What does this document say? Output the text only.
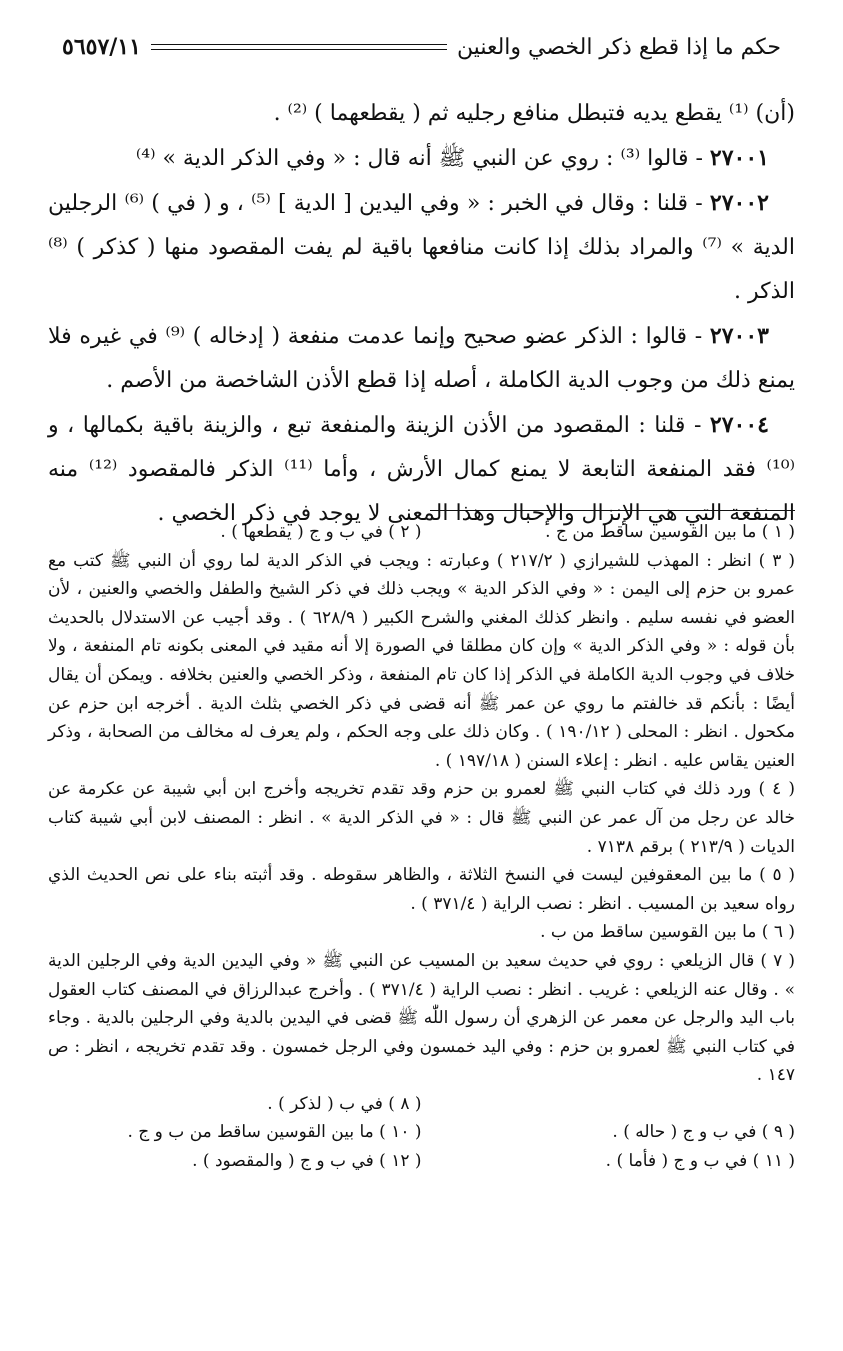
حكم ما إذا قطع ذكر الخصي والعنين
٥٦٥٧/١١

(أن) ⁽¹⁾ يقطع يديه فتبطل منافع رجليه ثم ( يقطعهما ) ⁽²⁾ .

٢٧٠٠١ - قالوا ⁽³⁾ : روي عن النبي ﷺ أنه قال : « وفي الذكر الدية » ⁽⁴⁾

٢٧٠٠٢ - قلنا : وقال في الخبر : « وفي اليدين [ الدية ] ⁽⁵⁾ ، و ( في ) ⁽⁶⁾ الرجلين الدية » ⁽⁷⁾ والمراد بذلك إذا كانت منافعها باقية لم يفت المقصود منها ( كذكر ) ⁽⁸⁾ الذكر .

٢٧٠٠٣ - قالوا : الذكر عضو صحيح وإنما عدمت منفعة ( إدخاله ) ⁽⁹⁾ في غيره فلا يمنع ذلك من وجوب الدية الكاملة ، أصله إذا قطع الأذن الشاخصة من الأصم .

٢٧٠٠٤ - قلنا : المقصود من الأذن الزينة والمنفعة تبع ، والزينة باقية بكمالها ، و ⁽¹⁰⁾ فقد المنفعة التابعة لا يمنع كمال الأرش ، وأما ⁽¹¹⁾ الذكر فالمقصود ⁽¹²⁾ منه المنفعة التي هي الإنزال والإحبال وهذا المعنى لا يوجد في ذكر الخصي .

( ١ ) ما بين القوسين ساقط من ج .
( ٢ ) في ب و ج ( يقطعها ) .

( ٣ ) انظر : المهذب للشيرازي ( ٢١٧/٢ ) وعبارته : ويجب في الذكر الدية لما روي أن النبي ﷺ كتب مع عمرو بن حزم إلى اليمن : « وفي الذكر الدية » ويجب ذلك في ذكر الشيخ والطفل والخصي والعنين ، لأن العضو في نفسه سليم . وانظر كذلك المغني والشرح الكبير ( ٦٢٨/٩ ) . وقد أجيب عن الاستدلال بالحديث بأن قوله : « وفي الذكر الدية » وإن كان مطلقا في الصورة إلا أنه مقيد في المعنى بكونه تام المنفعة ، ولا خلاف في وجوب الدية الكاملة في الذكر إذا كان تام المنفعة ، وذكر الخصي والعنين بخلافه . ويمكن أن يقال أيضًا : بأنكم قد خالفتم ما روي عن عمر ﷺ أنه قضى في ذكر الخصي بثلث الدية . أخرجه ابن حزم عن مكحول . انظر : المحلى ( ١٩٠/١٢ ) . وكان ذلك على وجه الحكم ، ولم يعرف له مخالف من الصحابة ، وذكر العنين يقاس عليه . انظر : إعلاء السنن ( ١٩٧/١٨ ) .

( ٤ ) ورد ذلك في كتاب النبي ﷺ لعمرو بن حزم وقد تقدم تخريجه وأخرج ابن أبي شيبة عن عكرمة عن خالد عن رجل من آل عمر عن النبي ﷺ قال : « في الذكر الدية » . انظر : المصنف لابن أبي شيبة كتاب الديات ( ٢١٣/٩ ) برقم ٧١٣٨ .

( ٥ ) ما بين المعقوفين ليست في النسخ الثلاثة ، والظاهر سقوطه . وقد أثبته بناء على نص الحديث الذي رواه سعيد بن المسيب . انظر : نصب الراية ( ٣٧١/٤ ) .

( ٦ ) ما بين القوسين ساقط من ب .

( ٧ ) قال الزيلعي : روي في حديث سعيد بن المسيب عن النبي ﷺ « وفي اليدين الدية وفي الرجلين الدية » . وقال عنه الزيلعي : غريب . انظر : نصب الراية ( ٣٧١/٤ ) . وأخرج عبدالرزاق في المصنف كتاب العقول باب اليد والرجل عن معمر عن الزهري أن رسول اللّٰه ﷺ قضى في اليدين بالدية وفي الرجلين بالدية . وجاء في كتاب النبي ﷺ لعمرو بن حزم : وفي اليد خمسون وفي الرجل خمسون . وقد تقدم تخريجه ، انظر : ص ١٤٧ .

( ٨ ) في ب ( لذكر ) .
( ٩ ) في ب و ج ( حاله ) .
( ١٠ ) ما بين القوسين ساقط من ب و ج .
( ١١ ) في ب و ج ( فأما ) .
( ١٢ ) في ب و ج ( والمقصود ) .
